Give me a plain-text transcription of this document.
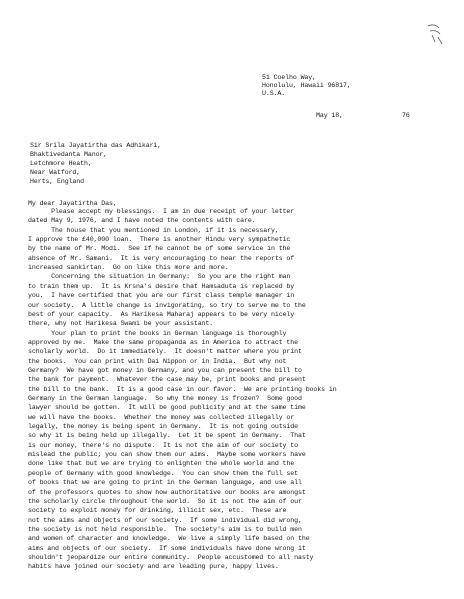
51 Coelho Way,
Honolulu, Hawaii 96817,
U.S.A.
May 18,	76
Sir Srila Jayatirtha das Adhikari,
Bhaktivedanta Manor,
Letchmore Heath,
Near Watford,
Herts, England
My dear Jayatirtha Das,
Please accept my blessings.  I am in due receipt of your letter
dated May 9, 1976, and I have noted the contents with care.
The house that you mentioned in London, if it is necessary,
I approve the £40,000 loan.  There is another Hindu very sympathetic
by the name of Mr. Modi.  See if he cannot be of some service in the
absence of Mr. Samani.  It is very encouraging to hear the reports of
increased sankirtan.  Go on like this more and more.
Concerning the situation in Germany:  So you are the right man
to train them up.  It is Krsna's desire that Hamsaduta is replaced by
you.  I have certified that you are our first class temple manager in
our society.  A little change is invigorating, so try to serve me to the
best of your capacity.  As Harikesa Maharaj appears to be very nicely
there, why not Harikesa Swami be your assistant.
Your plan to print the books in German language is thoroughly
approved by me.  Make the same propaganda as in America to attract the
scholarly world.  Do it immediately.  It doesn't matter where you print
the books.  You can print with Dai Nippon or in India.  But why not
Germany?  We have got money in Germany, and you can present the bill to
the bank for payment.  Whatever the case may be, print books and present
the bill to the bank.  It is a good case in our favor.  We are printing books in
Germany in the German language.  So why the money is frozen?  Some good
lawyer should be gotten.  It will be good publicity and at the same time
we will have the books.  Whether the money was collected illegally or
legally, the money is being spent in Germany.  It is not going outside
so why it is being held up illegally.  Let it be spent in Germany.  That
is our money, there's no dispute.  It is not the aim of our society to
mislead the public; you can show them our aims.  Maybe some workers have
done like that but we are trying to enlighten the whole world and the
people of Germany with good knowledge.  You can show them the full set
of books that we are going to print in the German language, and use all
of the professors quotes to show how authoritative our books are amongst
the scholarly circle throughout the world.  So it is not the aim of our
society to exploit money for drinking, illicit sex, etc.  These are
not the aims and objects of our society.  If some individual did wrong,
the society is not held responsible.  The society's aim is to build men
and women of character and knowledge.  We live a simply life based on the
aims and objects of our society.  If some individuals have done wrong it
shouldn't jeopardize our entire community.  People accustomed to all nasty
habits have joined our society and are leading pure, happy lives.
